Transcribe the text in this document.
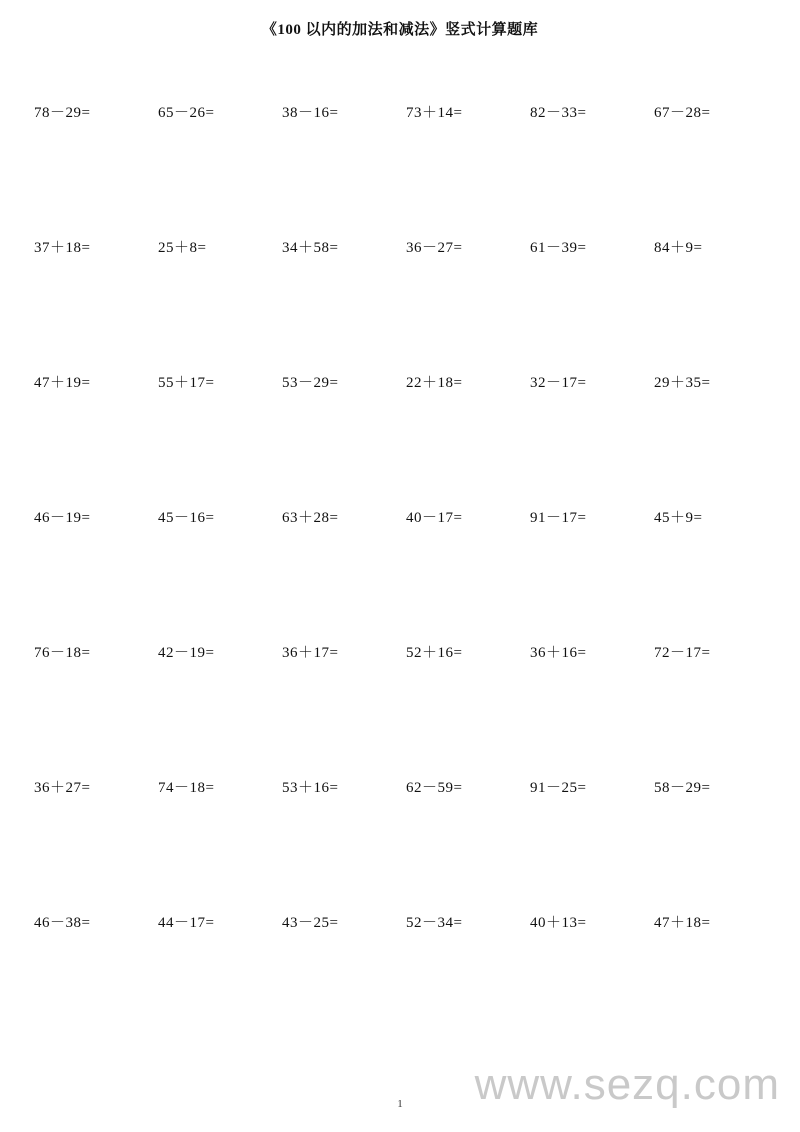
《100 以内的加法和减法》竖式计算题库
78－29=	65－26=	38－16=	73＋14=	82－33=	67－28=
37＋18=	25＋8=	34＋58=	36－27=	61－39=	84＋9=
47＋19=	55＋17=	53－29=	22＋18=	32－17=	29＋35=
46－19=	45－16=	63＋28=	40－17=	91－17=	45＋9=
76－18=	42－19=	36＋17=	52＋16=	36＋16=	72－17=
36＋27=	74－18=	53＋16=	62－59=	91－25=	58－29=
46－38=	44－17=	43－25=	52－34=	40＋13=	47＋18=
www.sezq.com
1
